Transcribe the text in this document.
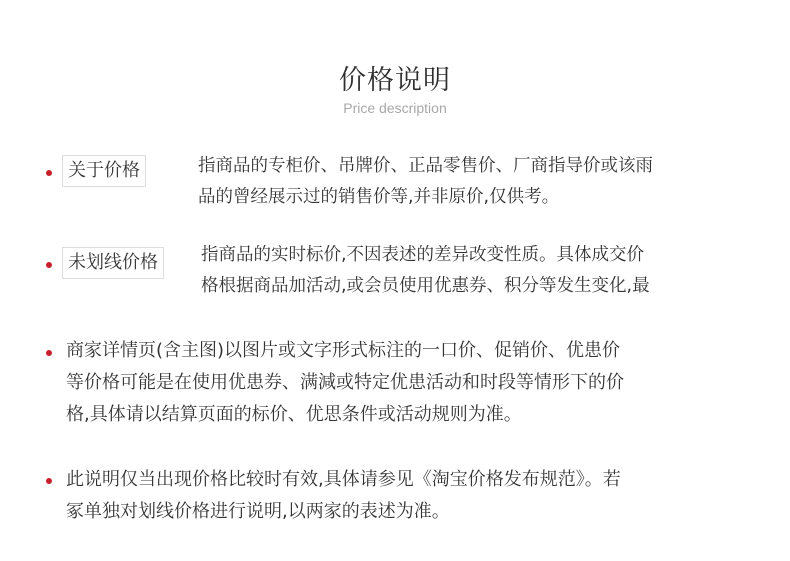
价格说明
Price description
关于价格	指商品的专柜价、吊牌价、正品零售价、厂商指导价或该雨
品的曾经展示过的销售价等,并非原价,仅供考。
未划线价格	指商品的实时标价,不因表述的差异改变性质。具体成交价
格根据商品加活动,或会员使用优惠券、积分等发生变化,最
商家详情页(含主图)以图片或文字形式标注的一口价、促销价、优患价
等价格可能是在使用优患券、满減或特定优患活动和时段等情形下的价
格,具体请以结算页面的标价、优思条件或活动规则为准。
此说明仅当出现价格比较时有效,具体请参见《淘宝价格发布规范》。若
冢单独对划线价格进行说明,以两家的表述为准。
